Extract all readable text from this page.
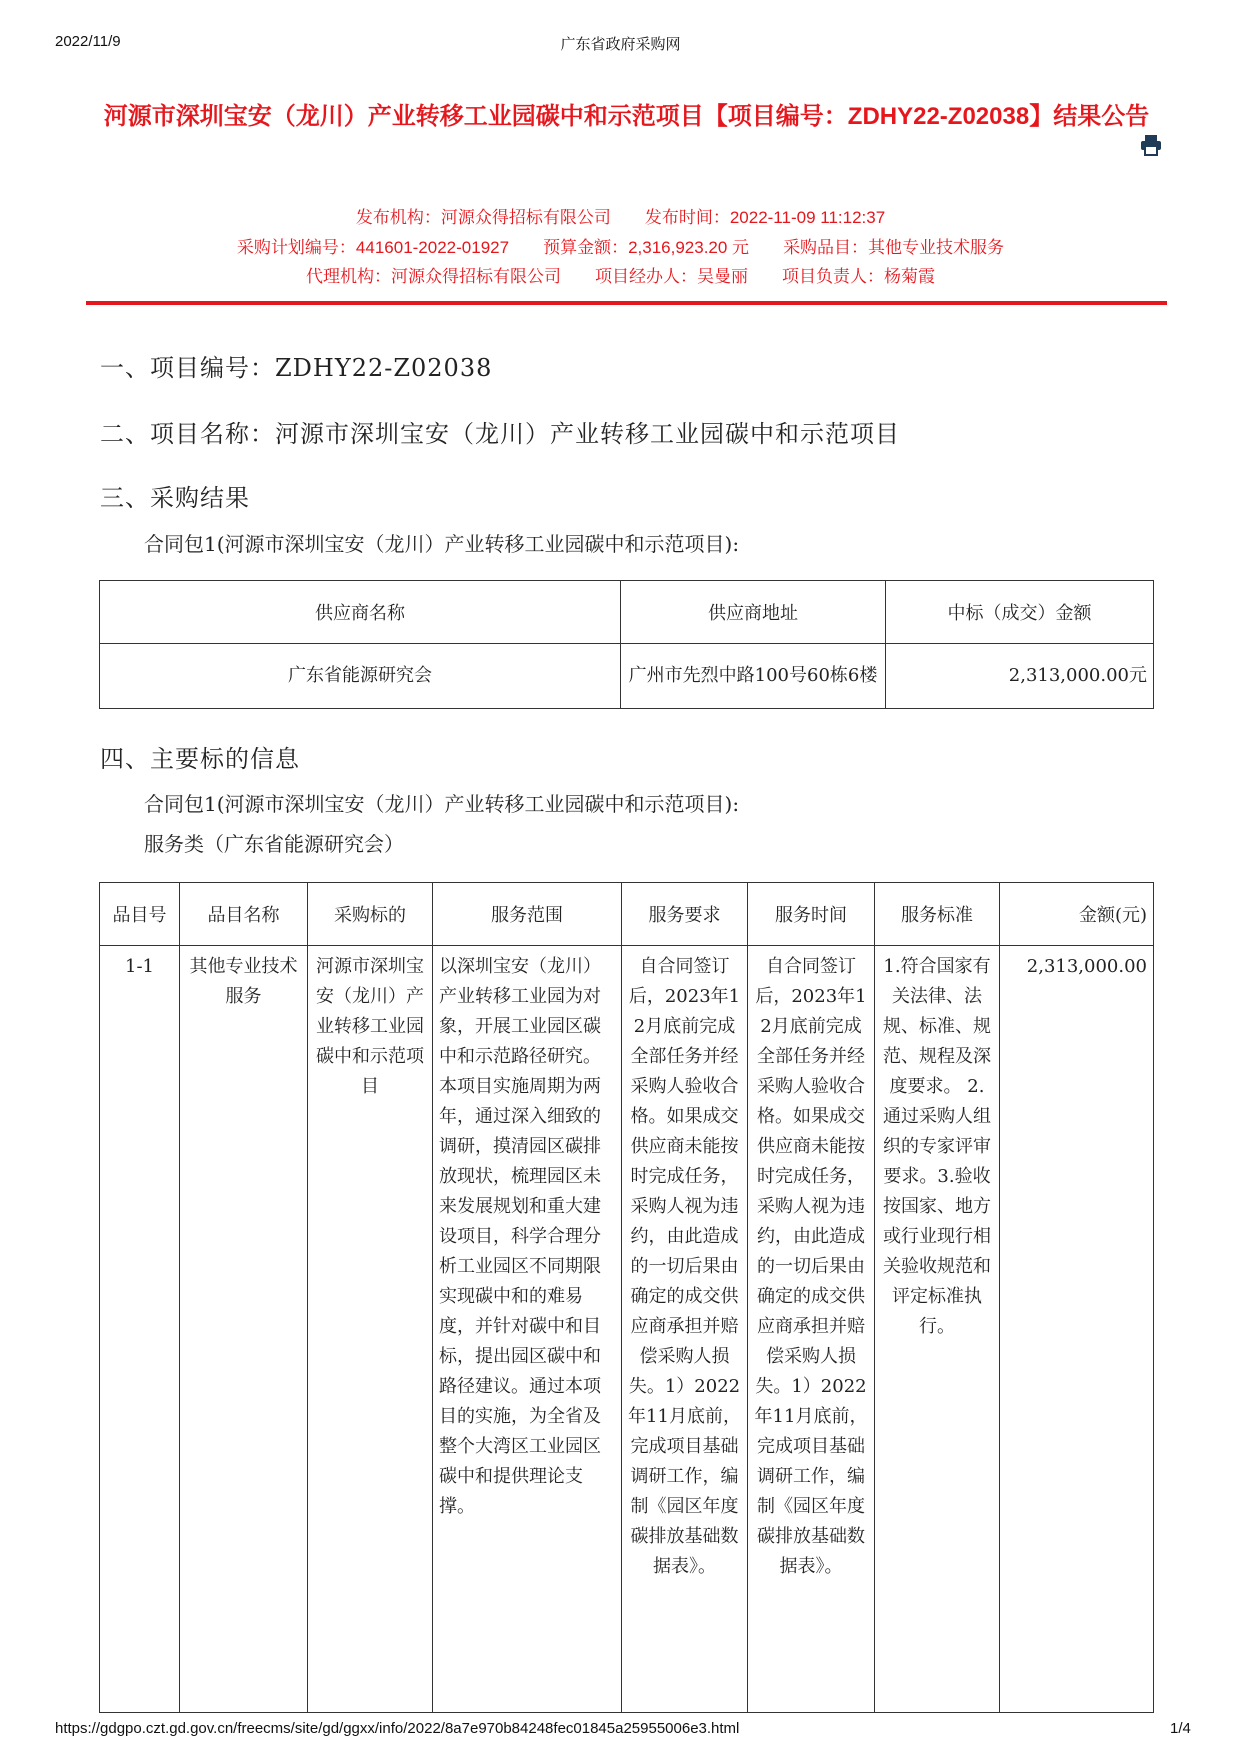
2022/11/9	广东省政府采购网
河源市深圳宝安（龙川）产业转移工业园碳中和示范项目【项目编号：ZDHY22-Z02038】结果公告
发布机构：河源众得招标有限公司 发布时间：2022-11-09 11:12:37
采购计划编号：441601-2022-01927 预算金额：2,316,923.20 元 采购品目：其他专业技术服务
代理机构：河源众得招标有限公司 项目经办人：吴曼丽 项目负责人：杨菊霞
一、项目编号：ZDHY22-Z02038
二、项目名称：河源市深圳宝安（龙川）产业转移工业园碳中和示范项目
三、采购结果
合同包1(河源市深圳宝安（龙川）产业转移工业园碳中和示范项目):
供应商名称	供应商地址	中标（成交）金额
广东省能源研究会	广州市先烈中路100号60栋6楼	2,313,000.00元
四、主要标的信息
合同包1(河源市深圳宝安（龙川）产业转移工业园碳中和示范项目):
服务类（广东省能源研究会）
品目号	品目名称	采购标的	服务范围	服务要求	服务时间	服务标准	金额(元)
1-1	其他专业技术服务	河源市深圳宝安（龙川）产业转移工业园碳中和示范项目	以深圳宝安（龙川）产业转移工业园为对象，开展工业园区碳中和示范路径研究。本项目实施周期为两年，通过深入细致的调研，摸清园区碳排放现状，梳理园区未来发展规划和重大建设项目，科学合理分析工业园区不同期限实现碳中和的难易度，并针对碳中和目标，提出园区碳中和路径建议。通过本项目的实施，为全省及整个大湾区工业园区碳中和提供理论支撑。	自合同签订后，2023年12月底前完成全部任务并经采购人验收合格。如果成交供应商未能按时完成任务，采购人视为违约，由此造成的一切后果由确定的成交供应商承担并赔偿采购人损失。1）2022年11月底前，完成项目基础调研工作，编制《园区年度碳排放基础数据表》。	自合同签订后，2023年12月底前完成全部任务并经采购人验收合格。如果成交供应商未能按时完成任务，采购人视为违约，由此造成的一切后果由确定的成交供应商承担并赔偿采购人损失。1）2022年11月底前，完成项目基础调研工作，编制《园区年度碳排放基础数据表》。	1.符合国家有关法律、法规、标准、规范、规程及深度要求。 2.通过采购人组织的专家评审要求。3.验收按国家、地方或行业现行相关验收规范和评定标准执行。	2,313,000.00
https://gdgpo.czt.gd.gov.cn/freecms/site/gd/ggxx/info/2022/8a7e970b84248fec01845a25955006e3.html	1/4
